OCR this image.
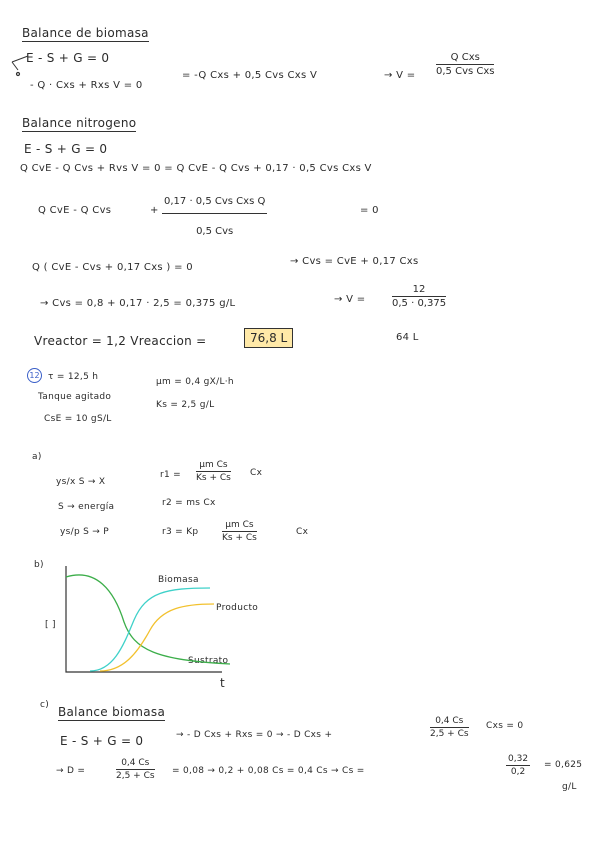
Balance de biomasa
E - S + G = 0
- Q · Cxs + Rxs V = 0
= -Q Cxs + 0,5 Cvs Cxs V	→ V =
Q Cxs
0,5 Cvs Cxs
Balance nitrogeno
E - S + G = 0
Q CvE - Q Cvs + Rvs V = 0 = Q CvE - Q Cvs + 0,17 · 0,5 Cvs Cxs V
Q CvE - Q Cvs	+
0,17 · 0,5 Cvs Cxs Q
0,5 Cvs
= 0
Q ( CvE - Cvs + 0,17 Cxs ) = 0
→ Cvs = CvE + 0,17 Cxs
→ Cvs = 0,8 + 0,17 · 2,5 = 0,375 g/L	→ V =	$\frac{12}{0,5 \cdot 0,375}$
64 L
Vreactor = 1,2 Vreaccion =	76,8 L
12 τ = 12,5 h
Tanque agitado
CsE = 10 gS/L
μm = 0,4 gX/L·h
Ks = 2,5 g/L
a)
ys/x S → X
$r1 = \frac{\text{μm Cs}}{Ks + Cs}$ Cx
S → energía	r2 = ms Cx
ys/p S → P	r3 = Kp	$\frac{\text{μm Cs}}{Ks + Cs}$	Cx
b)
[ ]
t
Biomasa
Producto
Sustrato
c) Balance biomasa
E - S + G = 0	→ - D Cxs + Rxs = 0 → - D Cxs +	$\frac{0,4 Cs}{2,5 + Cs}$ Cxs = 0
→ D =	$\frac{0,4 Cs}{2,5 + Cs} = 0,08 \to 0,2 + 0,08$ Cs = 0,4 Cs → Cs =	$\frac{0,32}{0,2} = 0,625$
g/L
